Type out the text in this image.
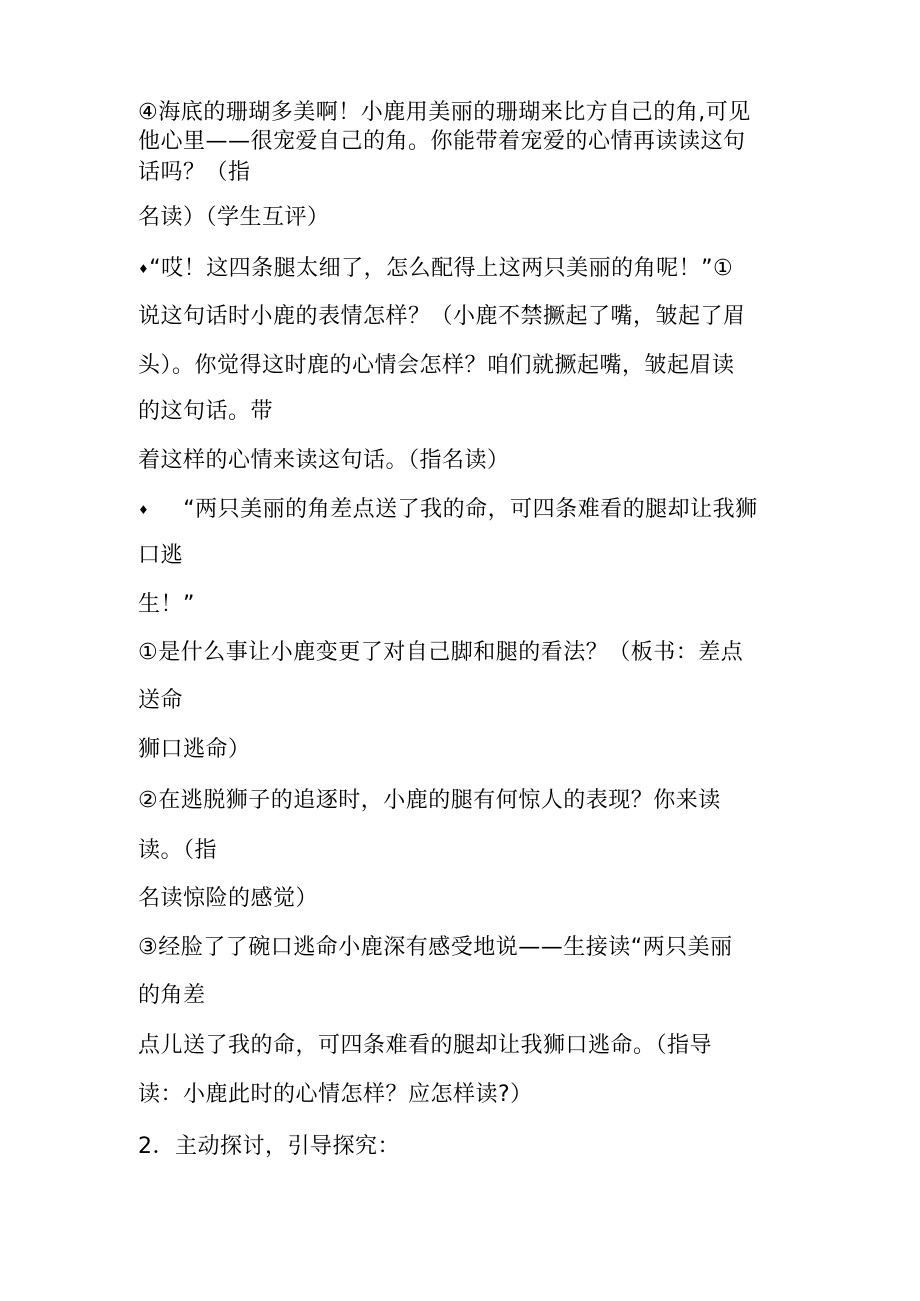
④海底的珊瑚多美啊！小鹿用美丽的珊瑚来比方自己的角,可见

他心里——很宠爱自己的角。你能带着宠爱的心情再读读这句

话吗？（指

名读）（学生互评）

♦“哎！这四条腿太细了，怎么配得上这两只美丽的角呢！”①

说这句话时小鹿的表情怎样？（小鹿不禁撅起了嘴，皱起了眉

头）。你觉得这时鹿的心情会怎样？咱们就撅起嘴，皱起眉读

的这句话。带

着这样的心情来读这句话。（指名读）

♦ “两只美丽的角差点送了我的命，可四条难看的腿却让我狮

口逃

生！”

①是什么事让小鹿变更了对自己脚和腿的看法？（板书：差点

送命

狮口逃命）

②在逃脱狮子的追逐时，小鹿的腿有何惊人的表现？你来读

读。（指

名读惊险的感觉）

③经脸了了碗口逃命小鹿深有感受地说——生接读“两只美丽

的角差

点儿送了我的命，可四条难看的腿却让我狮口逃命。（指导

读：小鹿此时的心情怎样？应怎样读?）

2．主动探讨，引导探究：
